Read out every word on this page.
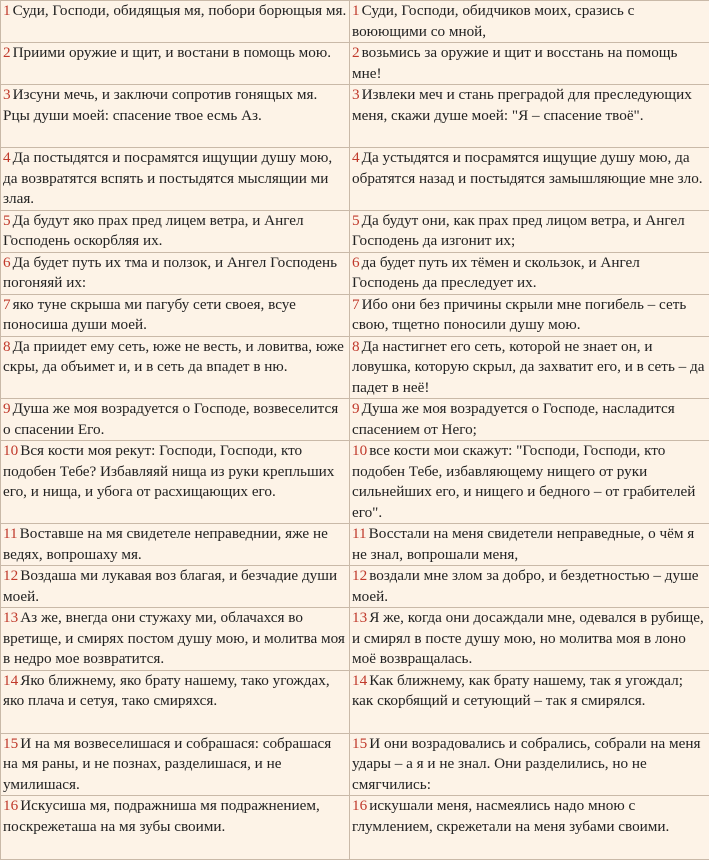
1 Суди, Господи, обидящыя мя, побори борющыя мя.	1 Суди, Господи, обидчиков моих, сразись с воюющими со мной,
2 Приими оружие и щит, и востани в помощь мою.	2 возьмись за оружие и щит и восстань на помощь мне!
3 Изсуни мечь, и заключи сопротив гонящых мя. Рцы души моей: спасение твое есмь Аз.	3 Извлеки меч и стань преградой для преследующих меня, скажи душе моей: "Я – спасение твоё".
4 Да постыдятся и посрамятся ищущии душу мою, да возвратятся вспять и постыдятся мыслящии ми злая.	4 Да устыдятся и посрамятся ищущие душу мою, да обратятся назад и постыдятся замышляющие мне зло.
5 Да будут яко прах пред лицем ветра, и Ангел Господень оскорбляя их.	5 Да будут они, как прах пред лицом ветра, и Ангел Господень да изгонит их;
6 Да будет путь их тма и ползок, и Ангел Господень погоняяй их:	6 да будет путь их тёмен и скользок, и Ангел Господень да преследует их.
7 яко туне скрыша ми пагубу сети своея, всуе поносиша души моей.	7 Ибо они без причины скрыли мне погибель – сеть свою, тщетно поносили душу мою.
8 Да приидет ему сеть, юже не весть, и ловитва, юже скры, да объимет и, и в сеть да впадет в ню.	8 Да настигнет его сеть, которой не знает он, и ловушка, которую скрыл, да захватит его, и в сеть – да падет в неё!
9 Душа же моя возрадуется о Господе, возвеселится о спасении Его.	9 Душа же моя возрадуется о Господе, насладится спасением от Него;
10 Вся кости моя рекут: Господи, Господи, кто подобен Тебе? Избавляяй нища из руки крепльших его, и нища, и убога от расхищающих его.	10 все кости мои скажут: "Господи, Господи, кто подобен Тебе, избавляющему нищего от руки сильнейших его, и нищего и бедного – от грабителей его".
11 Воставше на мя свидетеле неправеднии, яже не ведях, вопрошаху мя.	11 Восстали на меня свидетели неправедные, о чём я не знал, вопрошали меня,
12 Воздаша ми лукавая воз благая, и безчадие души моей.	12 воздали мне злом за добро, и бездетностью – душе моей.
13 Аз же, внегда они стужаху ми, облачахся во вретище, и смирях постом душу мою, и молитва моя в недро мое возвратится.	13 Я же, когда они досаждали мне, одевался в рубище, и смирял в посте душу мою, но молитва моя в лоно моё возвращалась.
14 Яко ближнему, яко брату нашему, тако угождах, яко плача и сетуя, тако смиряхся.	14 Как ближнему, как брату нашему, так я угождал; как скорбящий и сетующий – так я смирялся.
15 И на мя возвеселишася и собрашася: собрашася на мя раны, и не познах, разделишася, и не умилишася.	15 И они возрадовались и собрались, собрали на меня удары – а я и не знал. Они разделились, но не смягчились:
16 Искусиша мя, подражниша мя подражнением, поскрежеташа на мя зубы своими.	16 искушали меня, насмеялись надо мною с глумлением, скрежетали на меня зубами своими.
